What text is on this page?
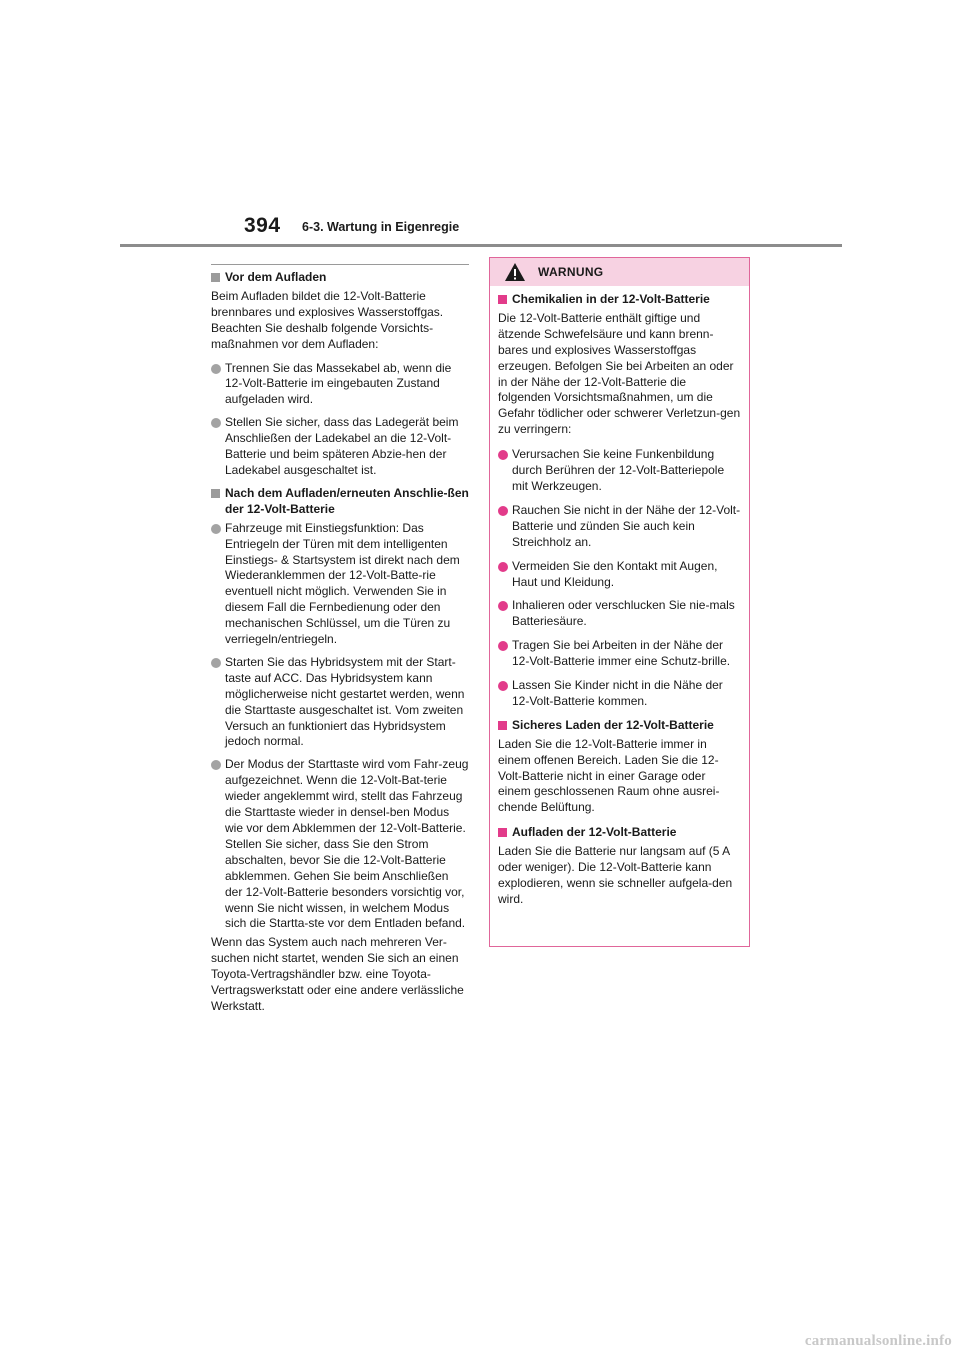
394 6-3. Wartung in Eigenregie
Vor dem Aufladen

Beim Aufladen bildet die 12-Volt-Batterie brennbares und explosives Wasserstoffgas. Beachten Sie deshalb folgende Vorsichts-maßnahmen vor dem Aufladen:

Trennen Sie das Massekabel ab, wenn die 12-Volt-Batterie im eingebauten Zustand aufgeladen wird.
Stellen Sie sicher, dass das Ladegerät beim Anschließen der Ladekabel an die 12-Volt-Batterie und beim späteren Abzie-hen der Ladekabel ausgeschaltet ist.
Nach dem Aufladen/erneuten Anschlie-ßen der 12-Volt-Batterie
Fahrzeuge mit Einstiegsfunktion: Das Entriegeln der Türen mit dem intelligenten Einstiegs- & Startsystem ist direkt nach dem Wiederanklemmen der 12-Volt-Batte-rie eventuell nicht möglich. Verwenden Sie in diesem Fall die Fernbedienung oder den mechanischen Schlüssel, um die Türen zu verriegeln/entriegeln.
Starten Sie das Hybridsystem mit der Start-taste auf ACC. Das Hybridsystem kann möglicherweise nicht gestartet werden, wenn die Starttaste ausgeschaltet ist. Vom zweiten Versuch an funktioniert das Hybridsystem jedoch normal.
Der Modus der Starttaste wird vom Fahr-zeug aufgezeichnet. Wenn die 12-Volt-Bat-terie wieder angeklemmt wird, stellt das Fahrzeug die Starttaste wieder in densel-ben Modus wie vor dem Abklemmen der 12-Volt-Batterie. Stellen Sie sicher, dass Sie den Strom abschalten, bevor Sie die 12-Volt-Batterie abklemmen. Gehen Sie beim Anschließen der 12-Volt-Batterie besonders vorsichtig vor, wenn Sie nicht wissen, in welchem Modus sich die Startta-ste vor dem Entladen befand.

Wenn das System auch nach mehreren Ver-suchen nicht startet, wenden Sie sich an einen Toyota-Vertragshändler bzw. eine Toyota-Vertragswerkstatt oder eine andere verlässliche Werkstatt.

WARNUNG
Chemikalien in der 12-Volt-Batterie

Die 12-Volt-Batterie enthält giftige und ätzende Schwefelsäure und kann brenn-bares und explosives Wasserstoffgas erzeugen. Befolgen Sie bei Arbeiten an oder in der Nähe der 12-Volt-Batterie die folgenden Vorsichtsmaßnahmen, um die Gefahr tödlicher oder schwerer Verletzun-gen zu verringern:

Verursachen Sie keine Funkenbildung durch Berühren der 12-Volt-Batteriepole mit Werkzeugen.
Rauchen Sie nicht in der Nähe der 12-Volt-Batterie und zünden Sie auch kein Streichholz an.
Vermeiden Sie den Kontakt mit Augen, Haut und Kleidung.
Inhalieren oder verschlucken Sie nie-mals Batteriesäure.
Tragen Sie bei Arbeiten in der Nähe der 12-Volt-Batterie immer eine Schutz-brille.
Lassen Sie Kinder nicht in die Nähe der 12-Volt-Batterie kommen.
Sicheres Laden der 12-Volt-Batterie

Laden Sie die 12-Volt-Batterie immer in einem offenen Bereich. Laden Sie die 12-Volt-Batterie nicht in einer Garage oder einem geschlossenen Raum ohne ausrei-chende Belüftung.

Aufladen der 12-Volt-Batterie

Laden Sie die Batterie nur langsam auf (5 A oder weniger). Die 12-Volt-Batterie kann explodieren, wenn sie schneller aufgela-den wird.

carmanualsonline.info
